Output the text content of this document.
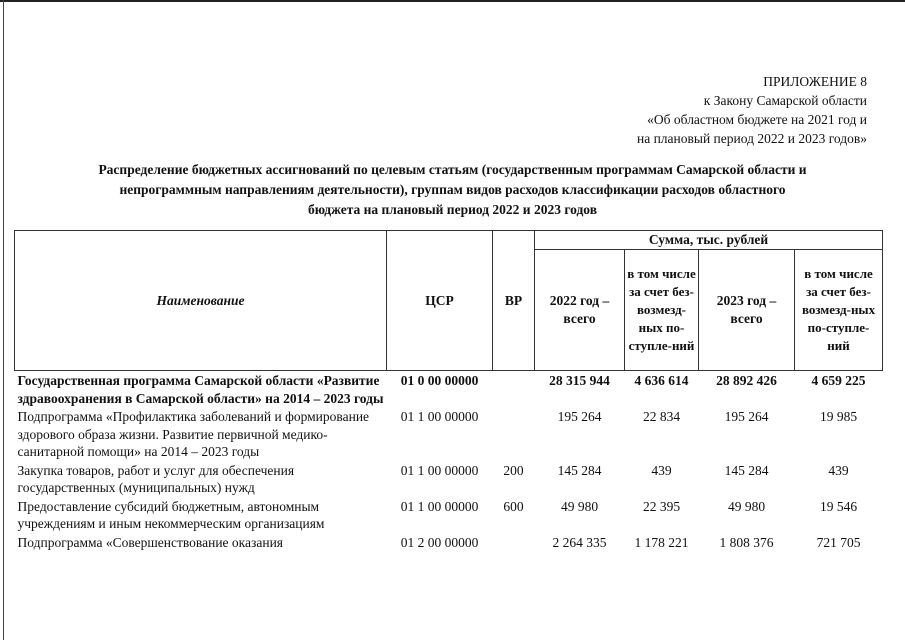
ПРИЛОЖЕНИЕ 8
к Закону Самарской области
«Об областном бюджете на 2021 год и
на плановый период 2022 и 2023 годов»
Распределение бюджетных ассигнований по целевым статьям (государственным программам Самарской области и
непрограммным направлениям деятельности), группам видов расходов классификации расходов областного
бюджета на плановый период 2022 и 2023 годов
Наименование	ЦСР	ВР	Сумма, тыс. рублей			
			2022 год – всего	в том числе за счет без-возмезд-ных по-ступле-ний	2023 год – всего	в том числе за счет без-возмезд-ных по-ступле-ний
Государственная программа Самарской области «Развитие здравоохранения в Самарской области» на 2014 – 2023 годы	01 0 00 00000		28 315 944	4 636 614	28 892 426	4 659 225
Подпрограмма «Профилактика заболеваний и формирование здорового образа жизни. Развитие первичной медико-санитарной помощи» на 2014 – 2023 годы	01 1 00 00000		195 264	22 834	195 264	19 985
Закупка товаров, работ и услуг для обеспечения государственных (муниципальных) нужд	01 1 00 00000	200	145 284	439	145 284	439
Предоставление субсидий бюджетным, автономным учреждениям и иным некоммерческим организациям	01 1 00 00000	600	49 980	22 395	49 980	19 546
Подпрограмма «Совершенствование оказания	01 2 00 00000		2 264 335	1 178 221	1 808 376	721 705
